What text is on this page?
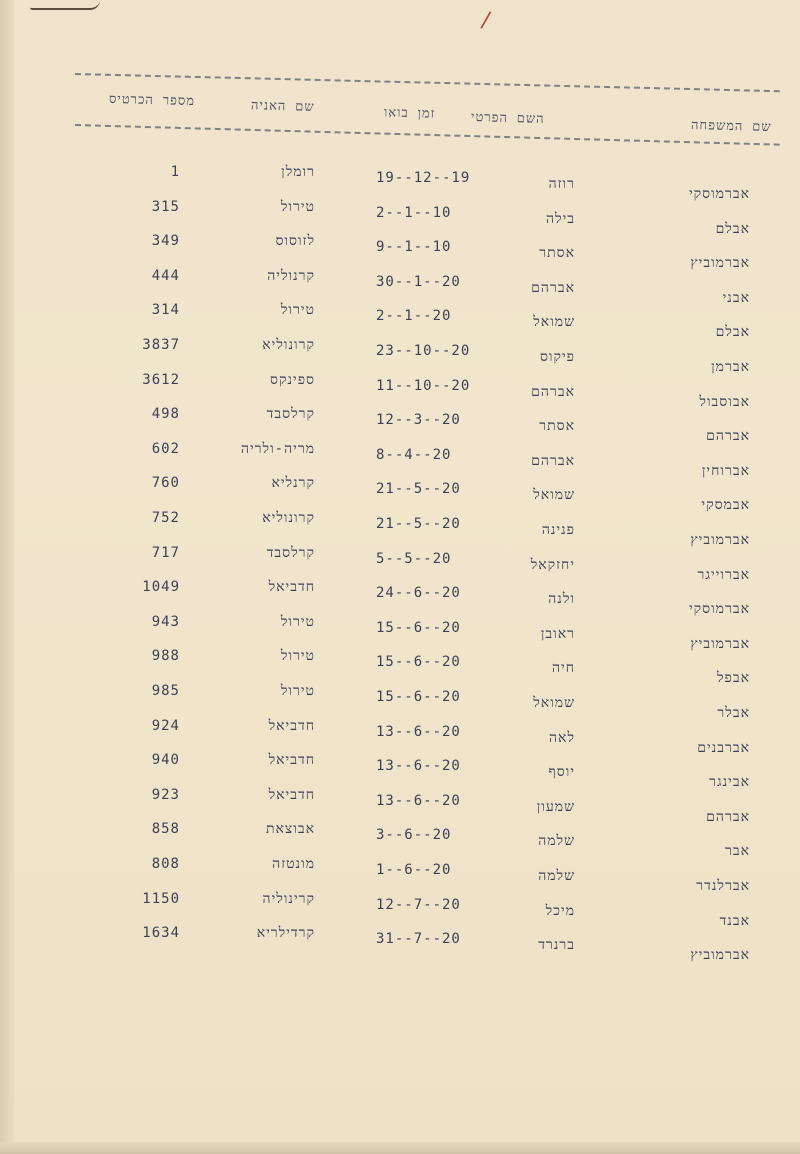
/
שם המשפחה
השם הפרטי
זמן בואו
שם האניה
מספר הכרטיס
אברמוסקי
רוזה
19--12--19
רומלן
1
אבלם
בילה
2--1--10
טירול
315
אברמוביץ
אסתר
9--1--10
לזוסוס
349
אבני
אברהם
30--1--20
קרנוליה
444
אבלם
שמואל
2--1--20
טירול
314
אברמן
פיקוס
23--10--20
קרונוליא
3837
אבוסבול
אברהם
11--10--20
ספינקס
3612
אברהם
אסתר
12--3--20
קרלסבד
498
אברוחין
אברהם
8--4--20
מריה-ולריה
602
אבמסקי
שמואל
21--5--20
קרנליא
760
אברמוביץ
פנינה
21--5--20
קרונוליא
752
אברוייגר
יחזקאל
5--5--20
קרלסבד
717
אברמוסקי
ולנה
24--6--20
חדביאל
1049
אברמוביץ
ראובן
15--6--20
טירול
943
אבפל
חיה
15--6--20
טירול
988
אבלר
שמואל
15--6--20
טירול
985
אברבנים
לאה
13--6--20
חדביאל
924
אבינגר
יוסף
13--6--20
חדביאל
940
אברהם
שמעון
13--6--20
חדביאל
923
אבר
שלמה
3--6--20
אבוצאת
858
אברלנדר
שלמה
1--6--20
מונטזה
808
אבנד
מיכל
12--7--20
קרינוליה
1150
אברמוביץ
ברנרד
31--7--20
קרדילריא
1634
